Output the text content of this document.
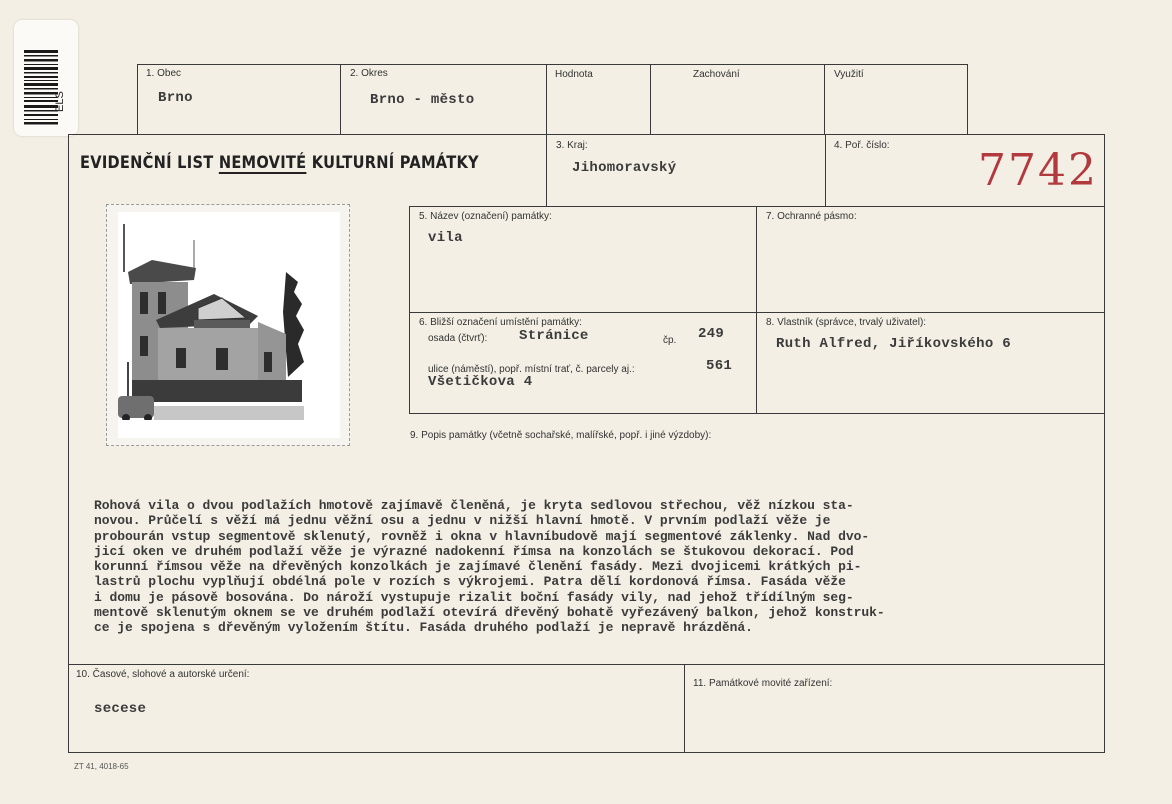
ELS
1. Obec
Brno
2. Okres
Brno - město
Hodnota	Zachování	Využití
EVIDENČNÍ LIST NEMOVITÉ KULTURNÍ PAMÁTKY
3. Kraj:
Jihomoravský
4. Poř. číslo: 7742
5. Název (označení) památky:
vila
7. Ochranné pásmo:
6. Bližší označení umístění památky:
osada (čtvrť): Stránice	čp. 249
ulice (náměstí), popř. místní trať, č. parcely aj.:	561
Všetičkova 4
8. Vlastník (správce, trvalý uživatel):
Ruth Alfred, Jiříkovského 6
9. Popis památky (včetně sochařské, malířské, popř. i jiné výzdoby):
Rohová vila o dvou podlažích hmotově zajímavě členěná, je kryta sedlovou střechou, věž nízkou sta-
novou. Průčelí s věží má jednu věžní osu a jednu v nižší hlavní hmotě. V prvním podlaží věže je
probourán vstup segmentově sklenutý, rovněž i okna v hlavníbudově mají segmentové záklenky. Nad dvo-
jicí oken ve druhém podlaží věže je výrazné nadokenní římsa na konzolách se štukovou dekorací. Pod
korunní římsou věže na dřevěných konzolkách je zajímavé členění fasády. Mezi dvojicemi krátkých pi-
lastrů plochu vyplňují obdélná pole v rozích s výkrojemi. Patra dělí kordonová římsa. Fasáda věže
i domu je pásově bosována. Do nároží vystupuje rizalit boční fasády vily, nad jehož třídílným seg-
mentově sklenutým oknem se ve druhém podlaží otevírá dřevěný bohatě vyřezávený balkon, jehož konstruk-
ce je spojena s dřevěným vyložením štítu. Fasáda druhého podlaží je nepravě hrázděná.
10. Časové, slohové a autorské určení:
secese
11. Památkové movité zařízení:
ZT 41, 4018-65
